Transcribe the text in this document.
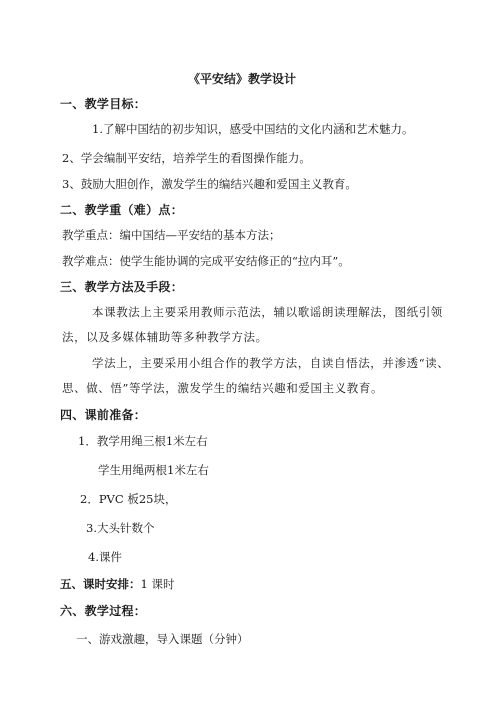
《平安结》教学设计
一、教学目标：
1.了解中国结的初步知识，感受中国结的文化内涵和艺术魅力。
2、学会编制平安结，培养学生的看图操作能力。
3、鼓励大胆创作，激发学生的编结兴趣和爱国主义教育。
二、教学重（难）点：
教学重点：编中国结—平安结的基本方法；
教学难点：使学生能协调的完成平安结修正的“拉内耳”。
三、教学方法及手段：
本课教法上主要采用教师示范法，辅以歌谣朗读理解法，图纸引领
法，以及多媒体辅助等多种教学方法。
学法上，主要采用小组合作的教学方法，自读自悟法，并渗透“读、
思、做、悟”等学法，激发学生的编结兴趣和爱国主义教育。
四、课前准备：
1．教学用绳三根1米左右
学生用绳两根1米左右
2．PVC 板25块，
3.大头针数个
4.课件
五、课时安排：1 课时
六、教学过程：
一、游戏激趣，导入课题（分钟）
